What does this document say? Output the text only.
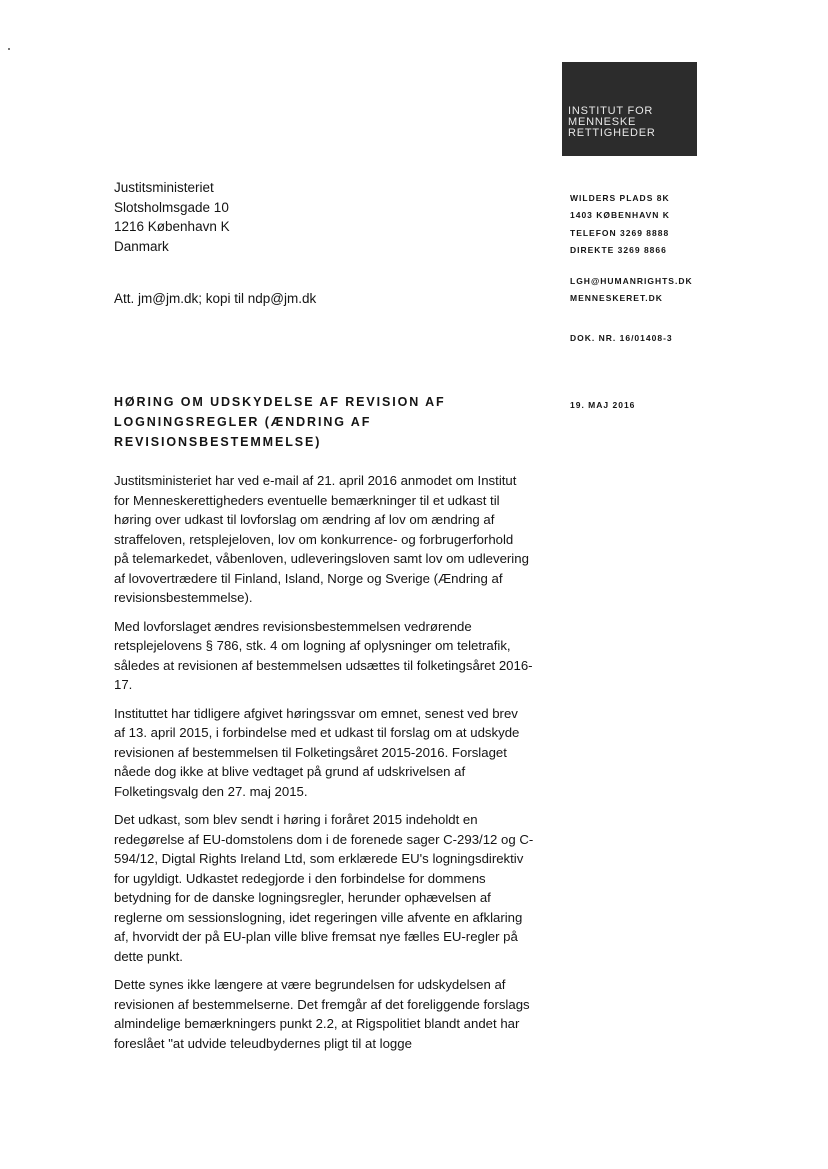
INSTITUT FOR
MENNESKE
RETTIGHEDER
Justitsministeriet
Slotsholmsgade 10
1216 København K
Danmark
Att. jm@jm.dk; kopi til ndp@jm.dk
WILDERS PLADS 8K
1403 KØBENHAVN K
TELEFON 3269 8888
DIREKTE 3269 8866
LGH@HUMANRIGHTS.DK
MENNESKERET.DK
DOK. NR. 16/01408-3
19. MAJ 2016
HØRING OM UDSKYDELSE AF REVISION AF
LOGNINGSREGLER (ÆNDRING AF
REVISIONSBESTEMMELSE)
Justitsministeriet har ved e-mail af 21. april 2016 anmodet om Institut
for Menneskerettigheders eventuelle bemærkninger til et udkast til
høring over udkast til lovforslag om ændring af lov om ændring af
straffeloven, retsplejeloven, lov om konkurrence- og forbrugerforhold
på telemarkedet, våbenloven, udleveringsloven samt lov om udlevering
af lovovertrædere til Finland, Island, Norge og Sverige (Ændring af
revisionsbestemmelse).
Med lovforslaget ændres revisionsbestemmelsen vedrørende
retsplejelovens § 786, stk. 4 om logning af oplysninger om teletrafik,
således at revisionen af bestemmelsen udsættes til folketingsåret 2016-
17.
Instituttet har tidligere afgivet høringssvar om emnet, senest ved brev
af 13. april 2015, i forbindelse med et udkast til forslag om at udskyde
revisionen af bestemmelsen til Folketingsåret 2015-2016. Forslaget
nåede dog ikke at blive vedtaget på grund af udskrivelsen af
Folketingsvalg den 27. maj 2015.
Det udkast, som blev sendt i høring i foråret 2015 indeholdt en
redegørelse af EU-domstolens dom i de forenede sager C-293/12 og C-
594/12, Digtal Rights Ireland Ltd, som erklærede EU's logningsdirektiv
for ugyldigt. Udkastet redegjorde i den forbindelse for dommens
betydning for de danske logningsregler, herunder ophævelsen af
reglerne om sessionslogning, idet regeringen ville afvente en afklaring
af, hvorvidt der på EU-plan ville blive fremsat nye fælles EU-regler på
dette punkt.
Dette synes ikke længere at være begrundelsen for udskydelsen af
revisionen af bestemmelserne. Det fremgår af det foreliggende forslags
almindelige bemærkningers punkt 2.2, at Rigspolitiet blandt andet har
foreslået "at udvide teleudbydernes pligt til at logge
